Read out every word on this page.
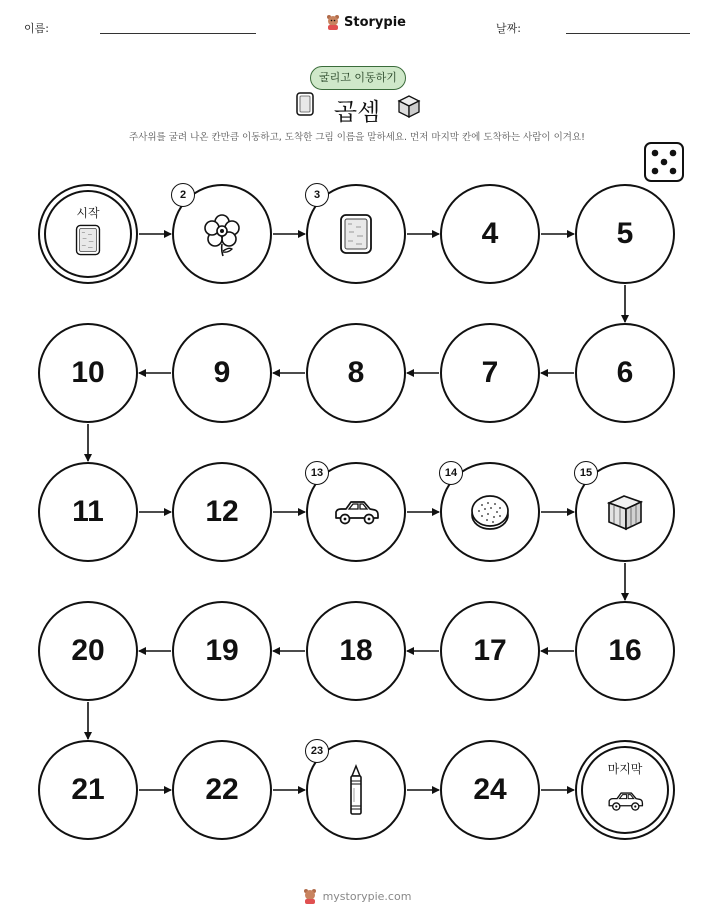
이름:	Storypie	날짜:
굴리고 이동하기
곱셈
주사위를 굴려 나온 칸만큼 이동하고, 도착한 그림 이름을 말하세요. 먼저 마지막 칸에 도착하는 사람이 이겨요!
시작
2	3
4	5
6
7
8
9
10
11	12
13	14	15
16
17
18
19
20
21	22
23
24
마지막
mystorypie.com
